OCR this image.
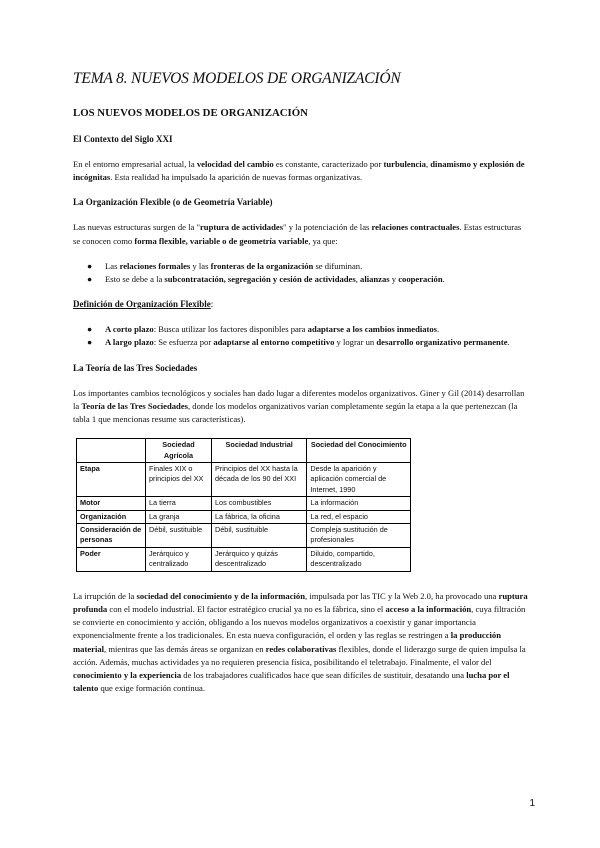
TEMA 8. NUEVOS MODELOS DE ORGANIZACIÓN
LOS NUEVOS MODELOS DE ORGANIZACIÓN
El Contexto del Siglo XXI

En el entorno empresarial actual, la velocidad del cambio es constante, caracterizado por turbulencia, dinamismo y explosión de incógnitas. Esta realidad ha impulsado la aparición de nuevas formas organizativas.

La Organización Flexible (o de Geometría Variable)

Las nuevas estructuras surgen de la "ruptura de actividades" y la potenciación de las relaciones contractuales. Estas estructuras se conocen como forma flexible, variable o de geometría variable, ya que:

● Las relaciones formales y las fronteras de la organización se difuminan.
● Esto se debe a la subcontratación, segregación y cesión de actividades, alianzas y cooperación.
Definición de Organización Flexible:
● A corto plazo: Busca utilizar los factores disponibles para adaptarse a los cambios inmediatos.
● A largo plazo: Se esfuerza por adaptarse al entorno competitivo y lograr un desarrollo organizativo permanente.
La Teoría de las Tres Sociedades

Los importantes cambios tecnológicos y sociales han dado lugar a diferentes modelos organizativos. Giner y Gil (2014) desarrollan la Teoría de las Tres Sociedades, donde los modelos organizativos varían completamente según la etapa a la que pertenezcan (la tabla 1 que mencionas resume sus características).

	Sociedad Agrícola	Sociedad Industrial	Sociedad del Conocimiento
Etapa	Finales XIX o principios del XX	Principios del XX hasta la década de los 90 del XXI	Desde la aparición y aplicación comercial de Internet, 1990
Motor	La tierra	Los combustibles	La información
Organización	La granja	La fábrica, la oficina	La red, el espacio
Consideración de personas	Débil, sustituible	Débil, sustituible	Compleja sustitución de profesionales
Poder	Jerárquico y centralizado	Jerárquico y quizás descentralizado	Diluido, compartido, descentralizado

La irrupción de la sociedad del conocimiento y de la información, impulsada por las TIC y la Web 2.0, ha provocado una ruptura profunda con el modelo industrial. El factor estratégico crucial ya no es la fábrica, sino el acceso a la información, cuya filtración se convierte en conocimiento y acción, obligando a los nuevos modelos organizativos a coexistir y ganar importancia exponencialmente frente a los tradicionales. En esta nueva configuración, el orden y las reglas se restringen a la producción material, mientras que las demás áreas se organizan en redes colaborativas flexibles, donde el liderazgo surge de quien impulsa la acción. Además, muchas actividades ya no requieren presencia física, posibilitando el teletrabajo. Finalmente, el valor del conocimiento y la experiencia de los trabajadores cualificados hace que sean difíciles de sustituir, desatando una lucha por el talento que exige formación continua.

1
